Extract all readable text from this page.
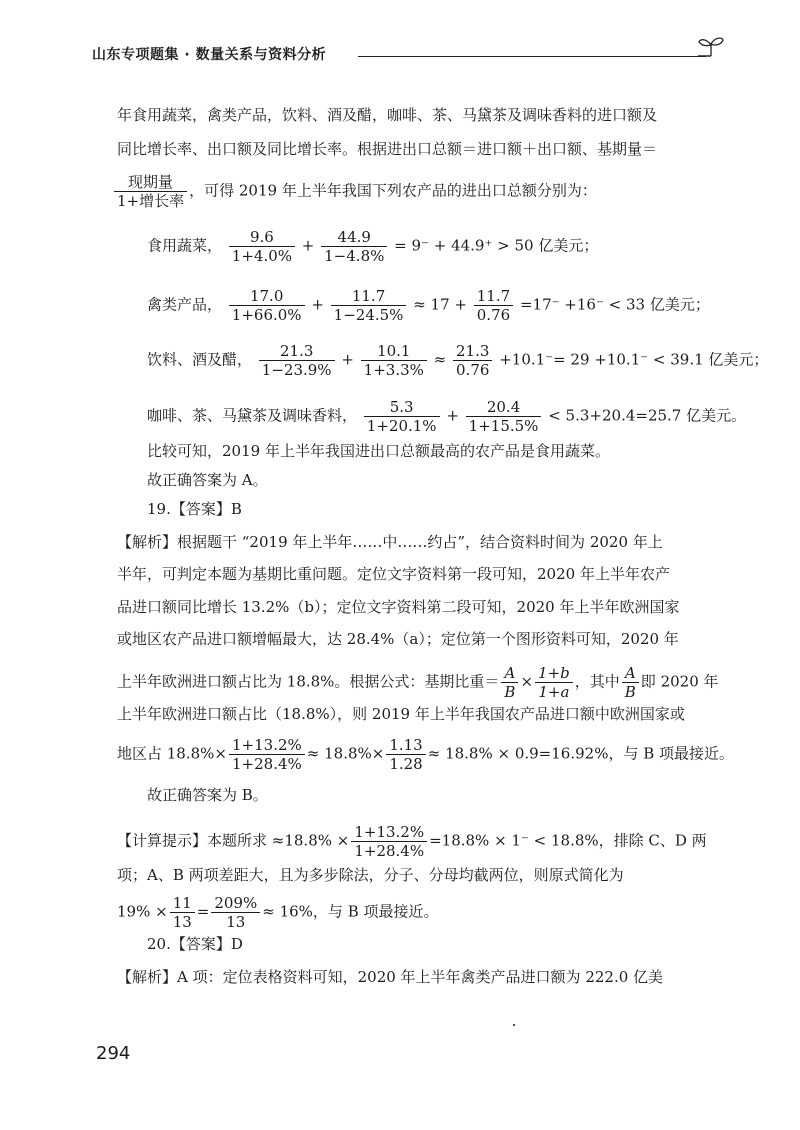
山东专项题集 · 数量关系与资料分析
年食用蔬菜，禽类产品，饮料、酒及醋，咖啡、茶、马黛茶及调味香料的进口额及
同比增长率、出口额及同比增长率。根据进出口总额＝进口额＋出口额、基期量＝
$\frac{\text{现期量}}{\text{1+增长率}}$ ，可得 2019 年上半年我国下列农产品的进出口总额分别为：
食用蔬菜， $\frac{9.6}{1+4.0\%} + \frac{44.9}{1-4.8\%} = 9^- + 44.9^+ > 50$ 亿美元；
禽类产品， $\frac{17.0}{1+66.0\%} + \frac{11.7}{1-24.5\%} \approx 17 + \frac{11.7}{0.76} =17^- +16^- < 33$ 亿美元；
饮料、酒及醋， $\frac{21.3}{1-23.9\%} + \frac{10.1}{1+3.3\%} \approx \frac{21.3}{0.76} +10.1^-= 29 +10.1^- < 39.1$ 亿美元；
咖啡、茶、马黛茶及调味香料， $\frac{5.3}{1+20.1\%} + \frac{20.4}{1+15.5\%} < 5.3+20.4=25.7$ 亿美元。
比较可知，2019 年上半年我国进出口总额最高的农产品是食用蔬菜。
故正确答案为 A。
19.【答案】B
【解析】根据题干 “2019 年上半年……中……约占”，结合资料时间为 2020 年上
半年，可判定本题为基期比重问题。定位文字资料第一段可知，2020 年上半年农产
品进口额同比增长 13.2%（b）；定位文字资料第二段可知，2020 年上半年欧洲国家
或地区农产品进口额增幅最大，达 28.4%（a）；定位第一个图形资料可知，2020 年
上半年欧洲进口额占比为 18.8%。根据公式：基期比重＝ $\frac{A}{B} \times \frac{1+b}{1+a}$ ，其中 $\frac{A}{B}$ 即 2020 年
上半年欧洲进口额占比（18.8%），则 2019 年上半年我国农产品进口额中欧洲国家或
地区占 $18.8\%\times \frac{1+13.2\%}{1+28.4\%} \approx 18.8\%\times \frac{1.13}{1.28} \approx 18.8\% \times 0.9=16.92\%$，与 B 项最接近。
故正确答案为 B。
【计算提示】本题所求 $\approx 18.8\% \times \frac{1+13.2\%}{1+28.4\%} =18.8\% \times 1^- < 18.8\%$，排除 C、D 两
项；A、B 两项差距大，且为多步除法，分子、分母均截两位，则原式简化为
$19\% \times \frac{11}{13} = \frac{209\%}{13} \approx 16\%$，与 B 项最接近。
20.【答案】D
【解析】A 项：定位表格资料可知，2020 年上半年禽类产品进口额为 222.0 亿美
294
